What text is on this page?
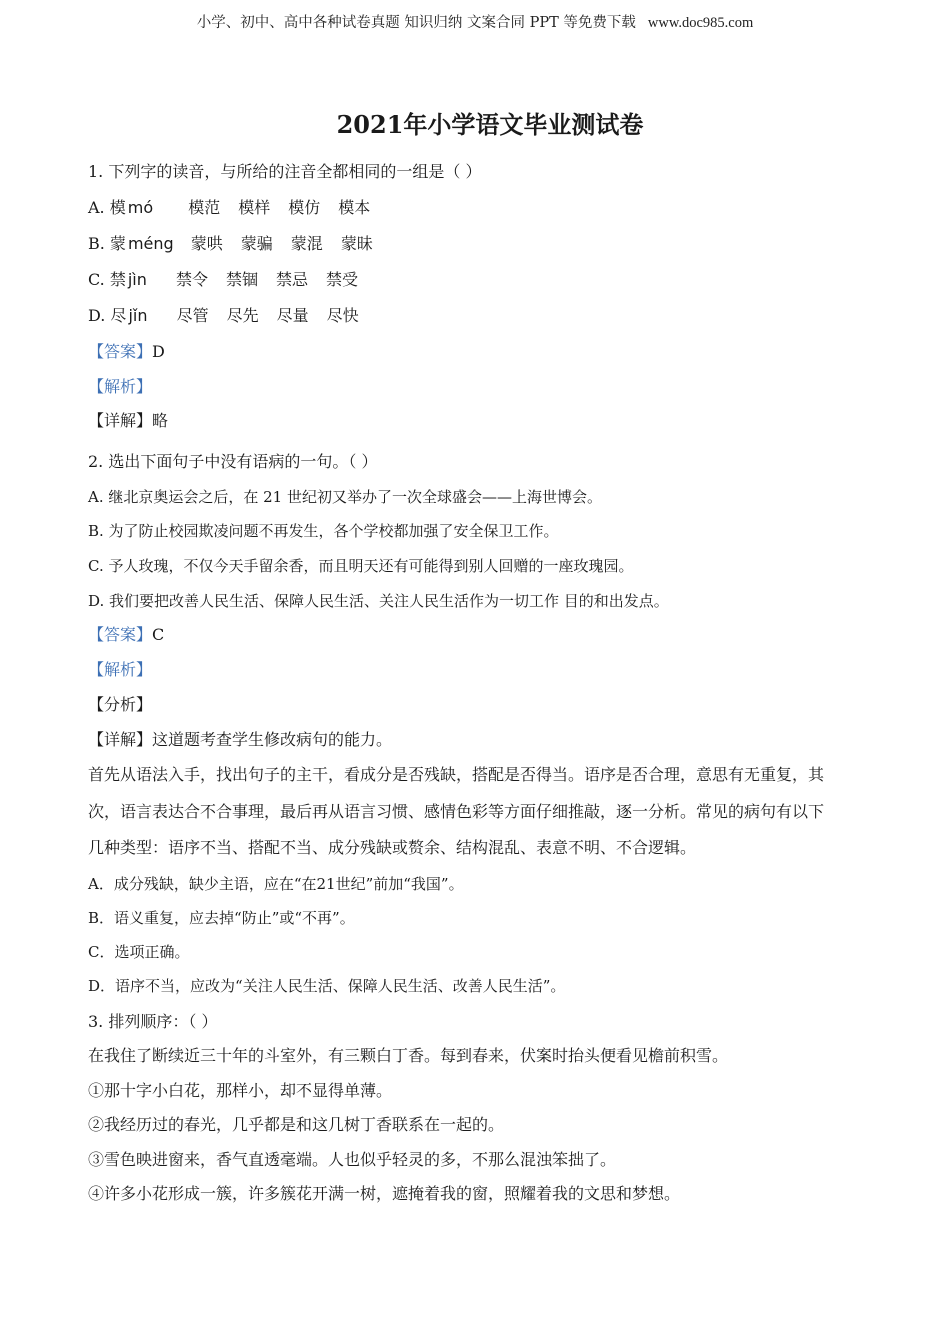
小学、初中、高中各种试卷真题 知识归纳 文案合同 PPT 等免费下载 www.doc985.com
2021年小学语文毕业测试卷
1. 下列字的读音，与所给的注音全都相同的一组是（ ）
A. 模 mó 模范 模样 模仿 模本
B. 蒙 méng 蒙哄 蒙骗 蒙混 蒙昧
C. 禁 jìn 禁令 禁锢 禁忌 禁受
D. 尽 jǐn 尽管 尽先 尽量 尽快
【答案】D
【解析】
【详解】略
2. 选出下面句子中没有语病的一句。（ ）
A. 继北京奥运会之后，在 21 世纪初又举办了一次全球盛会——上海世博会。
B. 为了防止校园欺凌问题不再发生，各个学校都加强了安全保卫工作。
C. 予人玫瑰，不仅今天手留余香，而且明天还有可能得到别人回赠的一座玫瑰园。
D. 我们要把改善人民生活、保障人民生活、关注人民生活作为一切工作 目的和出发点。
【答案】C
【解析】
【分析】
【详解】这道题考查学生修改病句的能力。
首先从语法入手，找出句子的主干，看成分是否残缺，搭配是否得当。语序是否合理，意思有无重复，其
次，语言表达合不合事理，最后再从语言习惯、感情色彩等方面仔细推敲，逐一分析。常见的病句有以下
几种类型：语序不当、搭配不当、成分残缺或赘余、结构混乱、表意不明、不合逻辑。
A．成分残缺，缺少主语，应在“在21世纪”前加“我国”。
B．语义重复，应去掉“防止”或“不再”。
C．选项正确。
D．语序不当，应改为“关注人民生活、保障人民生活、改善人民生活”。
3. 排列顺序：（ ）
在我住了断续近三十年的斗室外，有三颗白丁香。每到春来，伏案时抬头便看见檐前积雪。
①那十字小白花，那样小，却不显得单薄。
②我经历过的春光，几乎都是和这几树丁香联系在一起的。
③雪色映进窗来，香气直透毫端。人也似乎轻灵的多，不那么混浊笨拙了。
④许多小花形成一簇，许多簇花开满一树，遮掩着我的窗，照耀着我的文思和梦想。
